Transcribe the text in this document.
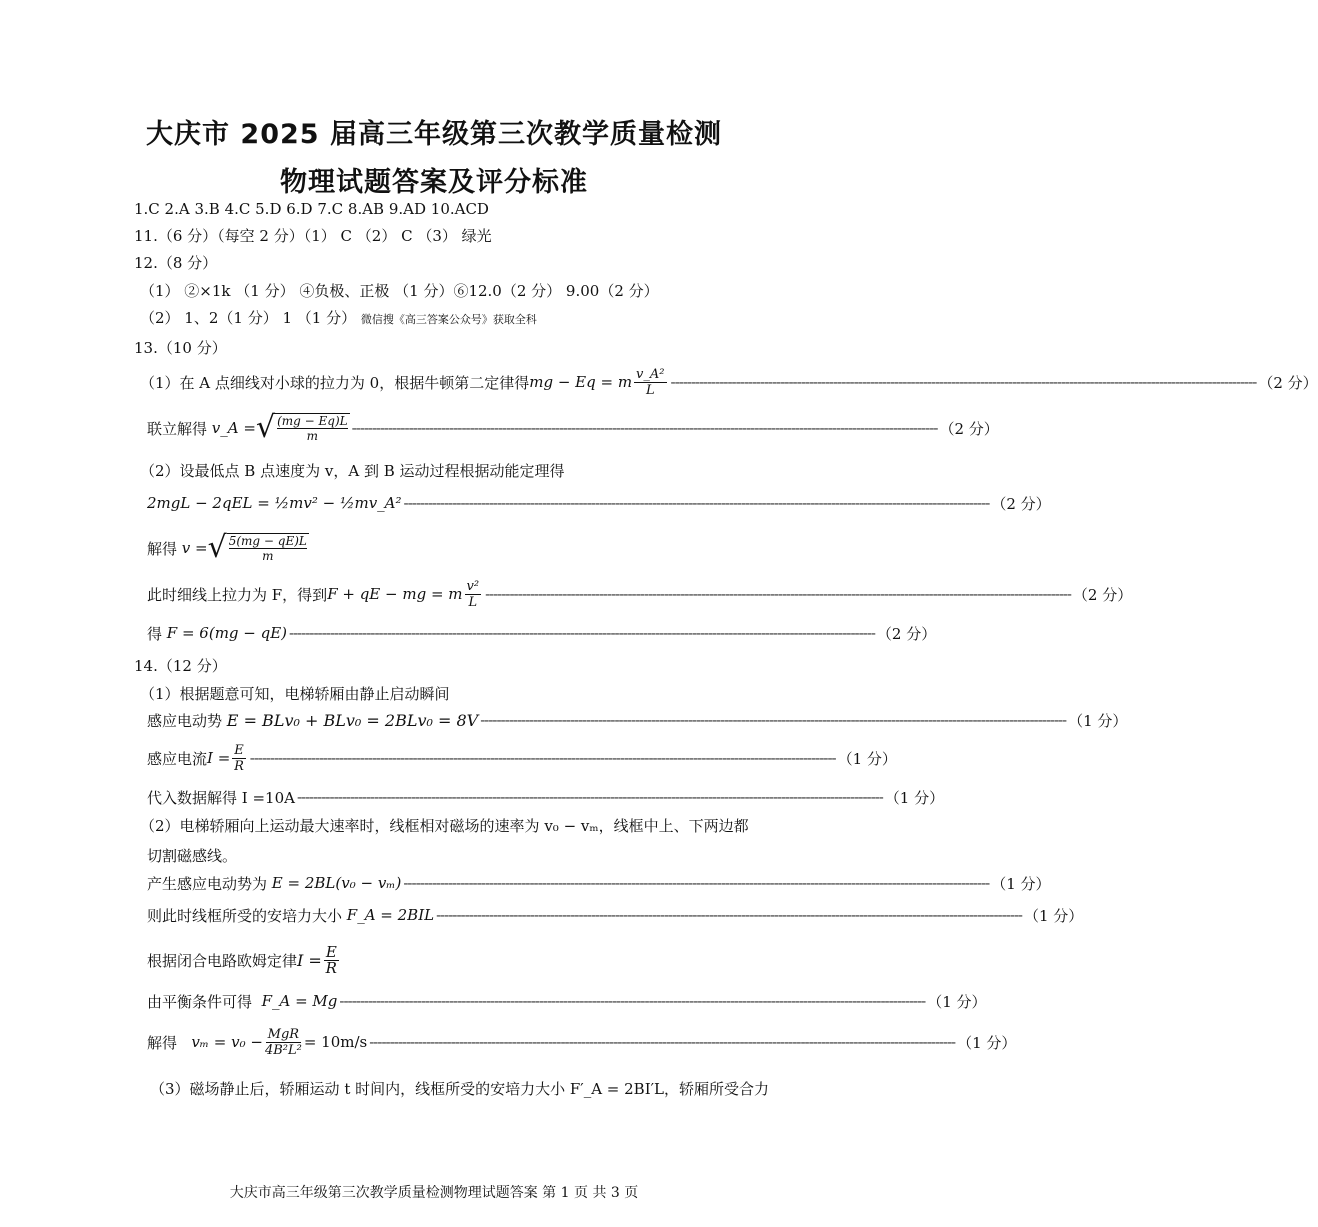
大庆市 2025 届高三年级第三次教学质量检测
物理试题答案及评分标准
1.C 2.A 3.B 4.C 5.D 6.D 7.C 8.AB 9.AD 10.ACD
11.（6 分）（每空 2 分）（1） C （2） C （3） 绿光
12.（8 分）
（1） ②×1k （1 分） ④负极、正极 （1 分）⑥12.0（2 分） 9.00（2 分）
（2） 1、2（1 分） 1 （1 分） 微信搜《高三答案公众号》获取全科
13.（10 分）
（1）在 A 点细线对小球的拉力为 0，根据牛顿第二定律得 mg − Eq = m $\frac{\text{v\_A²}}{L}$ ------------------------------------------------------------------------------------------------------------------------------------------------ （2 分）
联立解得
v_A = √ $\frac{(mg - Eq)L}{m}$ ------------------------------------------------------------------------------------------------------------------------------------------------ （2 分）
（2）设最低点 B 点速度为 v，A 到 B 运动过程根据动能定理得
2mgL − 2qEL = ½mv² − ½mv_A² ------------------------------------------------------------------------------------------------------------------------------------------------ （2 分）
解得
v = √ $\frac{5(mg - qE)L}{m}$
此时细线上拉力为 F，得到 F + qE − mg = m $\frac{\text{v²}}{L}$ ------------------------------------------------------------------------------------------------------------------------------------------------ （2 分）
得
F = 6(mg − qE) ------------------------------------------------------------------------------------------------------------------------------------------------ （2 分）
14.（12 分）
（1）根据题意可知，电梯轿厢由静止启动瞬间
感应电动势
E = BLv₀ + BLv₀ = 2BLv₀ = 8V ------------------------------------------------------------------------------------------------------------------------------------------------ （1 分）
感应电流 $I = \frac{E}{R}$ ------------------------------------------------------------------------------------------------------------------------------------------------ （1 分）
代入数据解得 I =10A ------------------------------------------------------------------------------------------------------------------------------------------------ （1 分）
（2）电梯轿厢向上运动最大速率时，线框相对磁场的速率为 v₀ − vₘ，线框中上、下两边都
切割磁感线。
产生感应电动势为
E = 2BL(v₀ − vₘ) ------------------------------------------------------------------------------------------------------------------------------------------------ （1 分）
则此时线框所受的安培力大小
F_A = 2BIL ------------------------------------------------------------------------------------------------------------------------------------------------ （1 分）
根据闭合电路欧姆定律 $I = \frac{E}{R}$
由平衡条件可得
F_A = Mg ------------------------------------------------------------------------------------------------------------------------------------------------ （1 分）
解得
$v_m = v_0 - \frac{\text{MgR}}{\text{4B²L²}} = 10m/s$ ------------------------------------------------------------------------------------------------------------------------------------------------ （1 分）
（3）磁场静止后，轿厢运动 t 时间内，线框所受的安培力大小 F′_A = 2BI′L，轿厢所受合力
大庆市高三年级第三次教学质量检测物理试题答案 第 1 页 共 3 页
